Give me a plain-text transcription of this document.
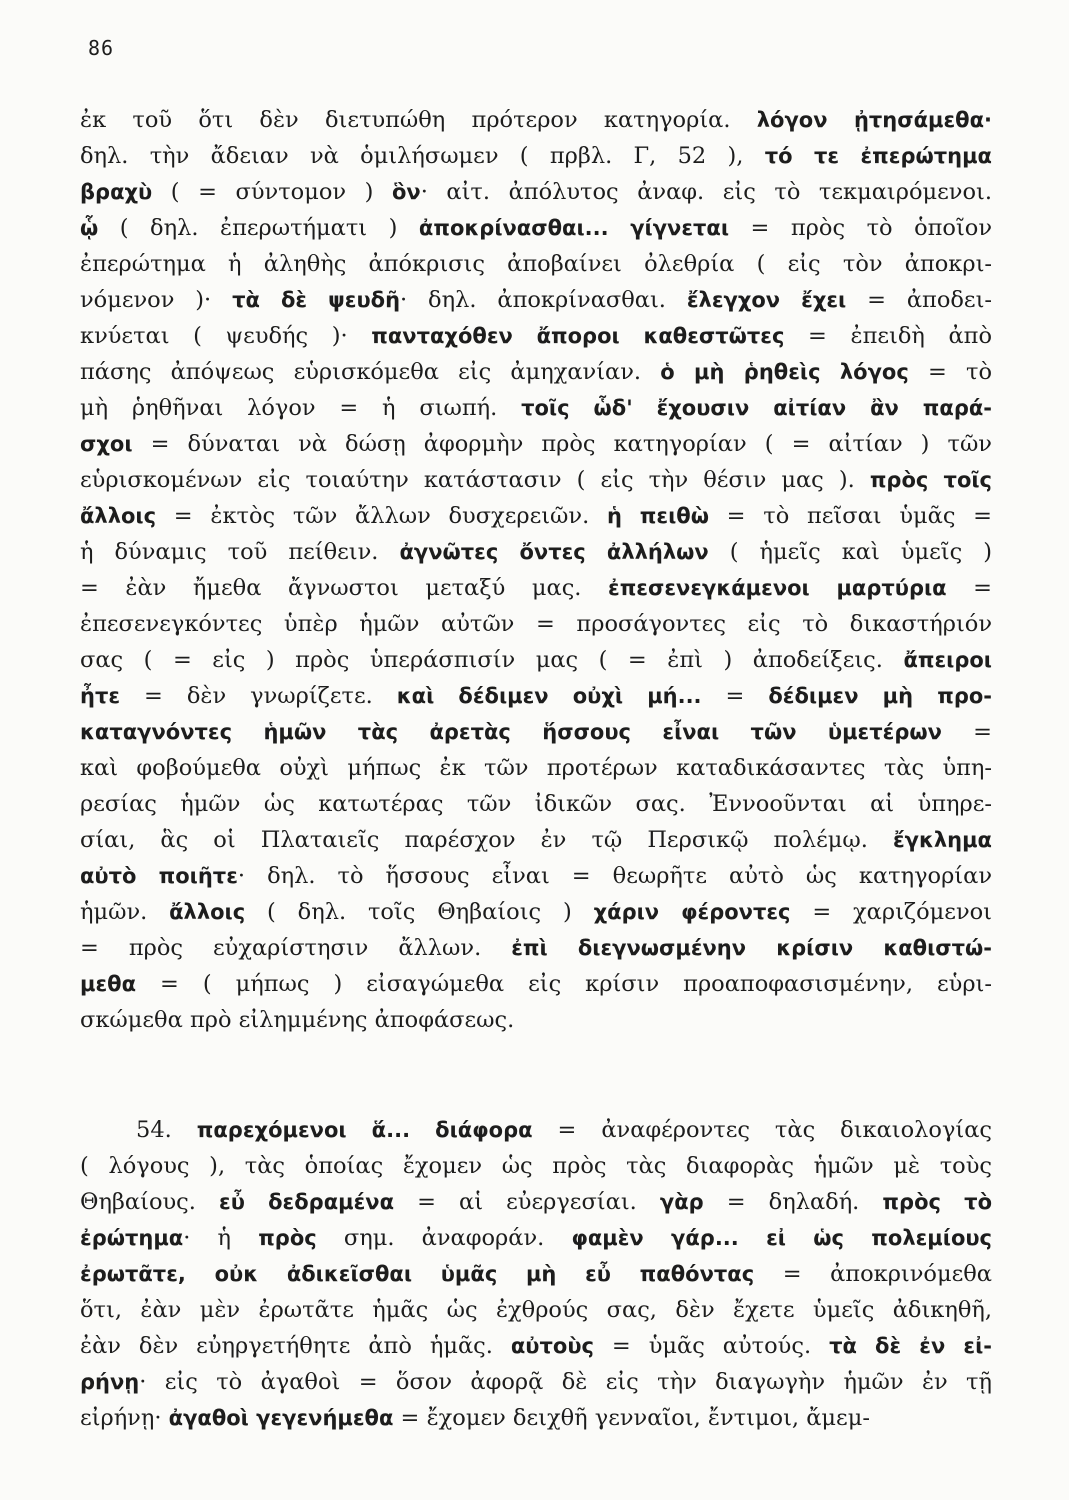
86
ἐκ τοῦ ὅτι δὲν διετυπώθη πρότερον κατηγορία. λόγον ᾐτησάμεθα·
δηλ. τὴν ἄδειαν νὰ ὁμιλήσωμεν ( πρβλ. Γ, 52 ), τό τε ἐπερώτημα
βραχὺ ( = σύντομον ) ὃν· αἰτ. ἀπόλυτος ἀναφ. εἰς τὸ τεκμαιρόμενοι.
ᾧ ( δηλ. ἐπερωτήματι ) ἀποκρίνασθαι... γίγνεται = πρὸς τὸ ὁποῖον
ἐπερώτημα ἡ ἀληθὴς ἀπόκρισις ἀποβαίνει ὀλεθρία ( εἰς τὸν ἀποκρι-
νόμενον )· τὰ δὲ ψευδῆ· δηλ. ἀποκρίνασθαι. ἔλεγχον ἔχει = ἀποδει-
κνύεται ( ψευδής )· πανταχόθεν ἄποροι καθεστῶτες = ἐπειδὴ ἀπὸ
πάσης ἀπόψεως εὑρισκόμεθα εἰς ἀμηχανίαν. ὁ μὴ ῥηθεὶς λόγος = τὸ
μὴ ῥηθῆναι λόγον = ἡ σιωπή. τοῖς ὧδ' ἔχουσιν αἰτίαν ἂν παρά-
σχοι = δύναται νὰ δώσῃ ἀφορμὴν πρὸς κατηγορίαν ( = αἰτίαν ) τῶν
εὑρισκομένων εἰς τοιαύτην κατάστασιν ( εἰς τὴν θέσιν μας ). πρὸς τοῖς
ἄλλοις = ἐκτὸς τῶν ἄλλων δυσχερειῶν. ἡ πειθὼ = τὸ πεῖσαι ὑμᾶς =
ἡ δύναμις τοῦ πείθειν. ἀγνῶτες ὄντες ἀλλήλων ( ἡμεῖς καὶ ὑμεῖς )
= ἐὰν ἤμεθα ἄγνωστοι μεταξύ μας. ἐπεσενεγκάμενοι μαρτύρια =
ἐπεσενεγκόντες ὑπὲρ ἡμῶν αὐτῶν = προσάγοντες εἰς τὸ δικαστήριόν
σας ( = εἰς ) πρὸς ὑπεράσπισίν μας ( = ἐπὶ ) ἀποδείξεις. ἄπειροι
ἦτε = δὲν γνωρίζετε. καὶ δέδιμεν οὐχὶ μή... = δέδιμεν μὴ προ-
καταγνόντες ἡμῶν τὰς ἀρετὰς ἥσσους εἶναι τῶν ὑμετέρων =
καὶ φοβούμεθα οὐχὶ μήπως ἐκ τῶν προτέρων καταδικάσαντες τὰς ὑπη-
ρεσίας ἡμῶν ὡς κατωτέρας τῶν ἰδικῶν σας. Ἐννοοῦνται αἱ ὑπηρε-
σίαι, ἃς οἱ Πλαταιεῖς παρέσχον ἐν τῷ Περσικῷ πολέμῳ. ἔγκλημα
αὐτὸ ποιῆτε· δηλ. τὸ ἥσσους εἶναι = θεωρῆτε αὐτὸ ὡς κατηγορίαν
ἡμῶν. ἄλλοις ( δηλ. τοῖς Θηβαίοις ) χάριν φέροντες = χαριζόμενοι
= πρὸς εὐχαρίστησιν ἄλλων. ἐπὶ διεγνωσμένην κρίσιν καθιστώ-
μεθα = ( μήπως ) εἰσαγώμεθα εἰς κρίσιν προαποφασισμένην, εὑρι-
σκώμεθα πρὸ εἰλημμένης ἀποφάσεως.
54. παρεχόμενοι ἅ... διάφορα = ἀναφέροντες τὰς δικαιολογίας
( λόγους ), τὰς ὁποίας ἔχομεν ὡς πρὸς τὰς διαφορὰς ἡμῶν μὲ τοὺς
Θηβαίους. εὖ δεδραμένα = αἱ εὐεργεσίαι. γὰρ = δηλαδή. πρὸς τὸ
ἐρώτημα· ἡ πρὸς σημ. ἀναφοράν. φαμὲν γάρ... εἰ ὡς πολεμίους
ἐρωτᾶτε, οὐκ ἀδικεῖσθαι ὑμᾶς μὴ εὖ παθόντας = ἀποκρινόμεθα
ὅτι, ἐὰν μὲν ἐρωτᾶτε ἡμᾶς ὡς ἐχθρούς σας, δὲν ἔχετε ὑμεῖς ἀδικηθῆ,
ἐὰν δὲν εὐηργετήθητε ἀπὸ ἡμᾶς. αὐτοὺς = ὑμᾶς αὐτούς. τὰ δὲ ἐν εἰ-
ρήνῃ· εἰς τὸ ἀγαθοὶ = ὅσον ἀφορᾷ δὲ εἰς τὴν διαγωγὴν ἡμῶν ἐν τῇ
εἰρήνῃ· ἀγαθοὶ γεγενήμεθα = ἔχομεν δειχθῆ γενναῖοι, ἔντιμοι, ἄμεμ-
